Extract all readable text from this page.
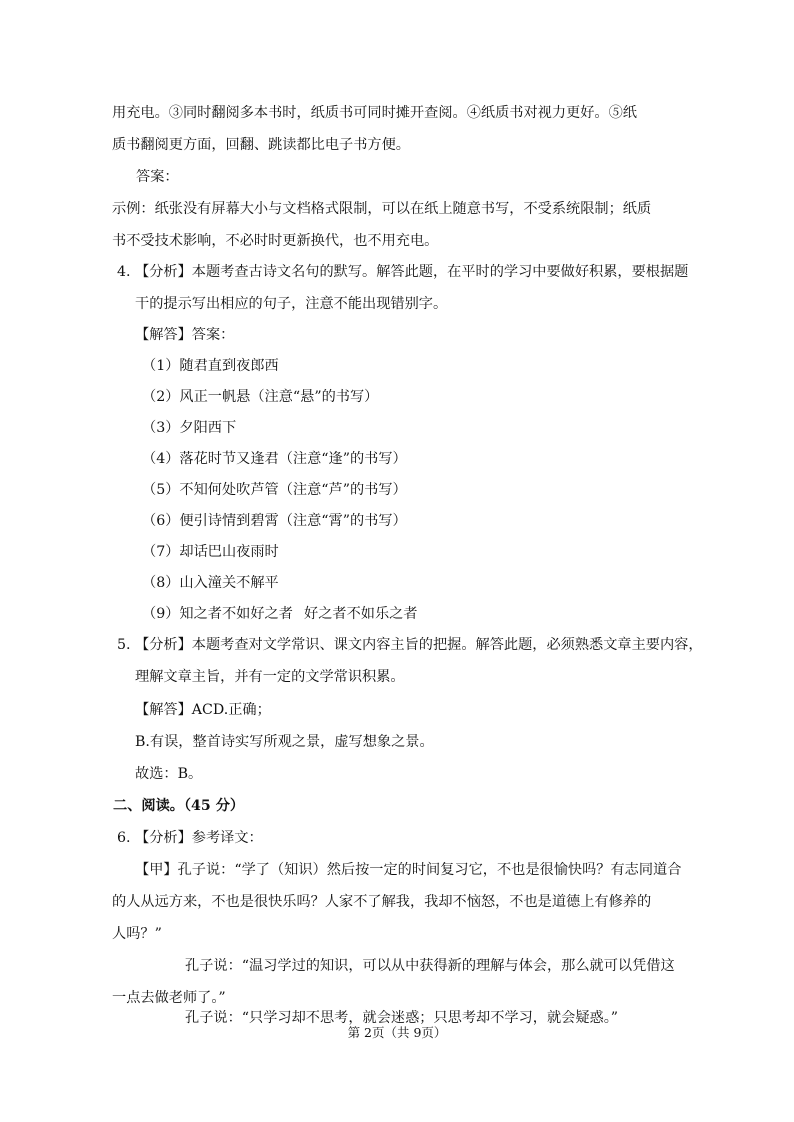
用充电。③同时翻阅多本书时，纸质书可同时摊开查阅。④纸质书对视力更好。⑤纸
质书翻阅更方面，回翻、跳读都比电子书方便。
答案：
示例：纸张没有屏幕大小与文档格式限制，可以在纸上随意书写，不受系统限制；纸质
书不受技术影响，不必时时更新换代，也不用充电。
4. 【分析】本题考查古诗文名句的默写。解答此题，在平时的学习中要做好积累，要根据题
干的提示写出相应的句子，注意不能出现错别字。
【解答】答案：
（1）随君直到夜郎西
（2）风正一帆悬（注意“悬”的书写）
（3）夕阳西下
（4）落花时节又逢君（注意“逢”的书写）
（5）不知何处吹芦管（注意“芦”的书写）
（6）便引诗情到碧霄（注意“霄”的书写）
（7）却话巴山夜雨时
（8）山入潼关不解平
（9）知之者不如好之者 好之者不如乐之者
5. 【分析】本题考查对文学常识、课文内容主旨的把握。解答此题，必须熟悉文章主要内容，
理解文章主旨，并有一定的文学常识积累。
【解答】ACD.正确；
B.有误，整首诗实写所观之景，虚写想象之景。
故选：B。
二、阅读。（45 分）
6. 【分析】参考译文：
【甲】孔子说：“学了（知识）然后按一定的时间复习它，不也是很愉快吗？有志同道合
的人从远方来，不也是很快乐吗？人家不了解我，我却不恼怒，不也是道德上有修养的
人吗？”
孔子说：“温习学过的知识，可以从中获得新的理解与体会，那么就可以凭借这
一点去做老师了。”
孔子说：“只学习却不思考，就会迷惑；只思考却不学习，就会疑惑。”
第 2页（共 9页）
